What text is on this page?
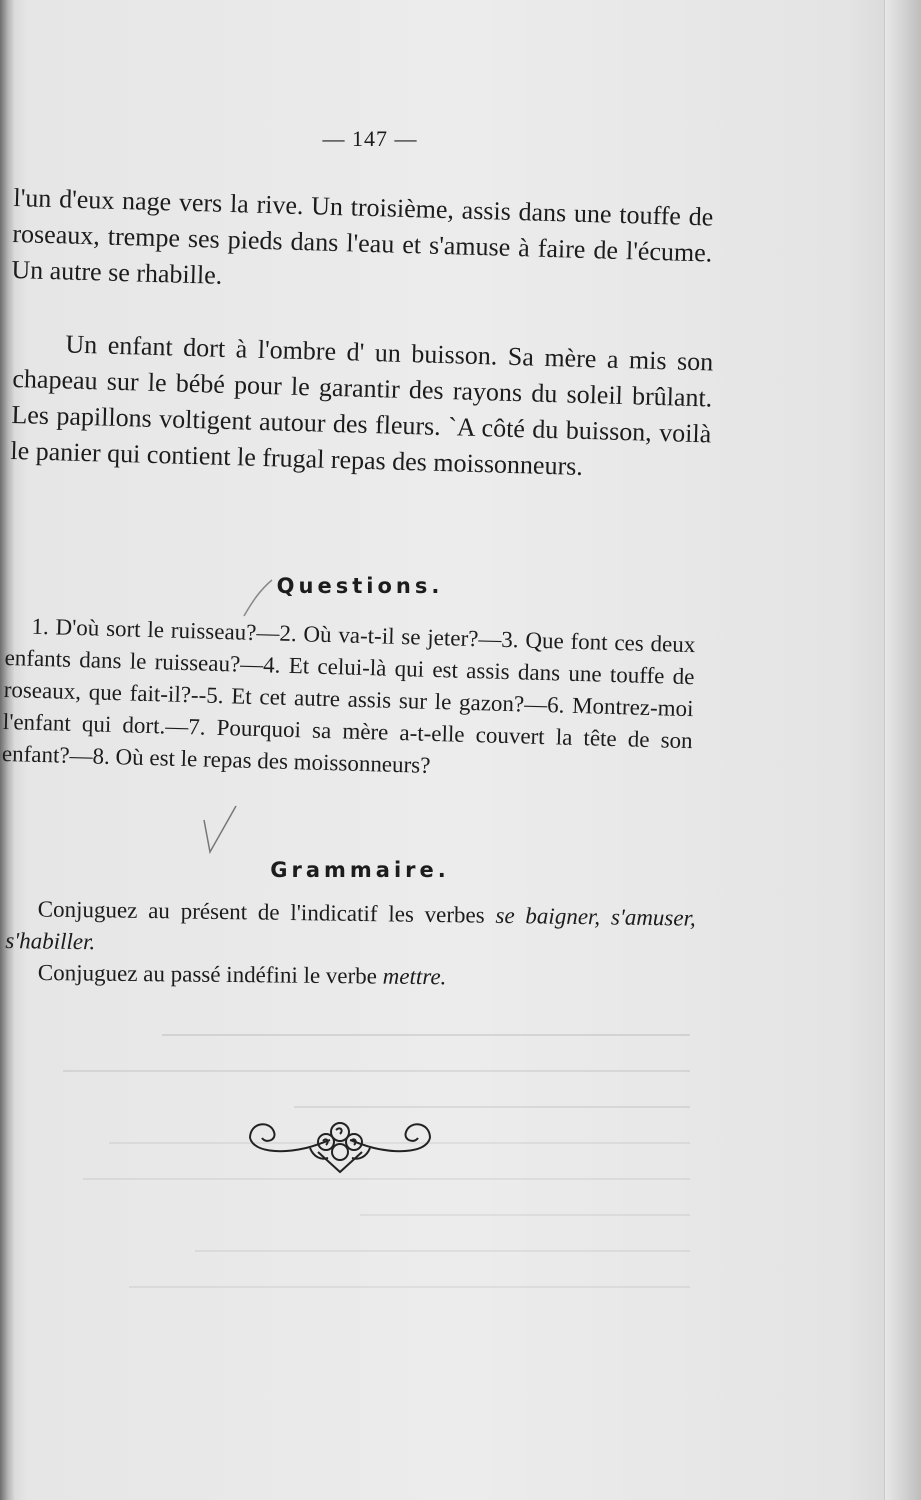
— 147 —

l'un d'eux nage vers la rive. Un troisième, assis dans une touffe de roseaux, trempe ses pieds dans l'eau et s'amuse à faire de l'écume. Un autre se rhabille.

Un enfant dort à l'ombre d' un buisson. Sa mère a mis son chapeau sur le bébé pour le garantir des rayons du soleil brûlant. Les papillons voltigent autour des fleurs. `A côté du buisson, voilà le panier qui contient le frugal repas des moissonneurs.

Questions.

1. D'où sort le ruisseau?—2. Où va-t-il se jeter?—3. Que font ces deux enfants dans le ruisseau?—4. Et celui-là qui est assis dans une touffe de roseaux, que fait-il?--5. Et cet autre assis sur le gazon?—6. Montrez-moi l'enfant qui dort.—7. Pourquoi sa mère a-t-elle couvert la tête de son enfant?—8. Où est le repas des moissonneurs?

Grammaire.

Conjuguez au présent de l'indicatif les verbes se baigner, s'amuser, s'habiller.

Conjuguez au passé indéfini le verbe mettre.
